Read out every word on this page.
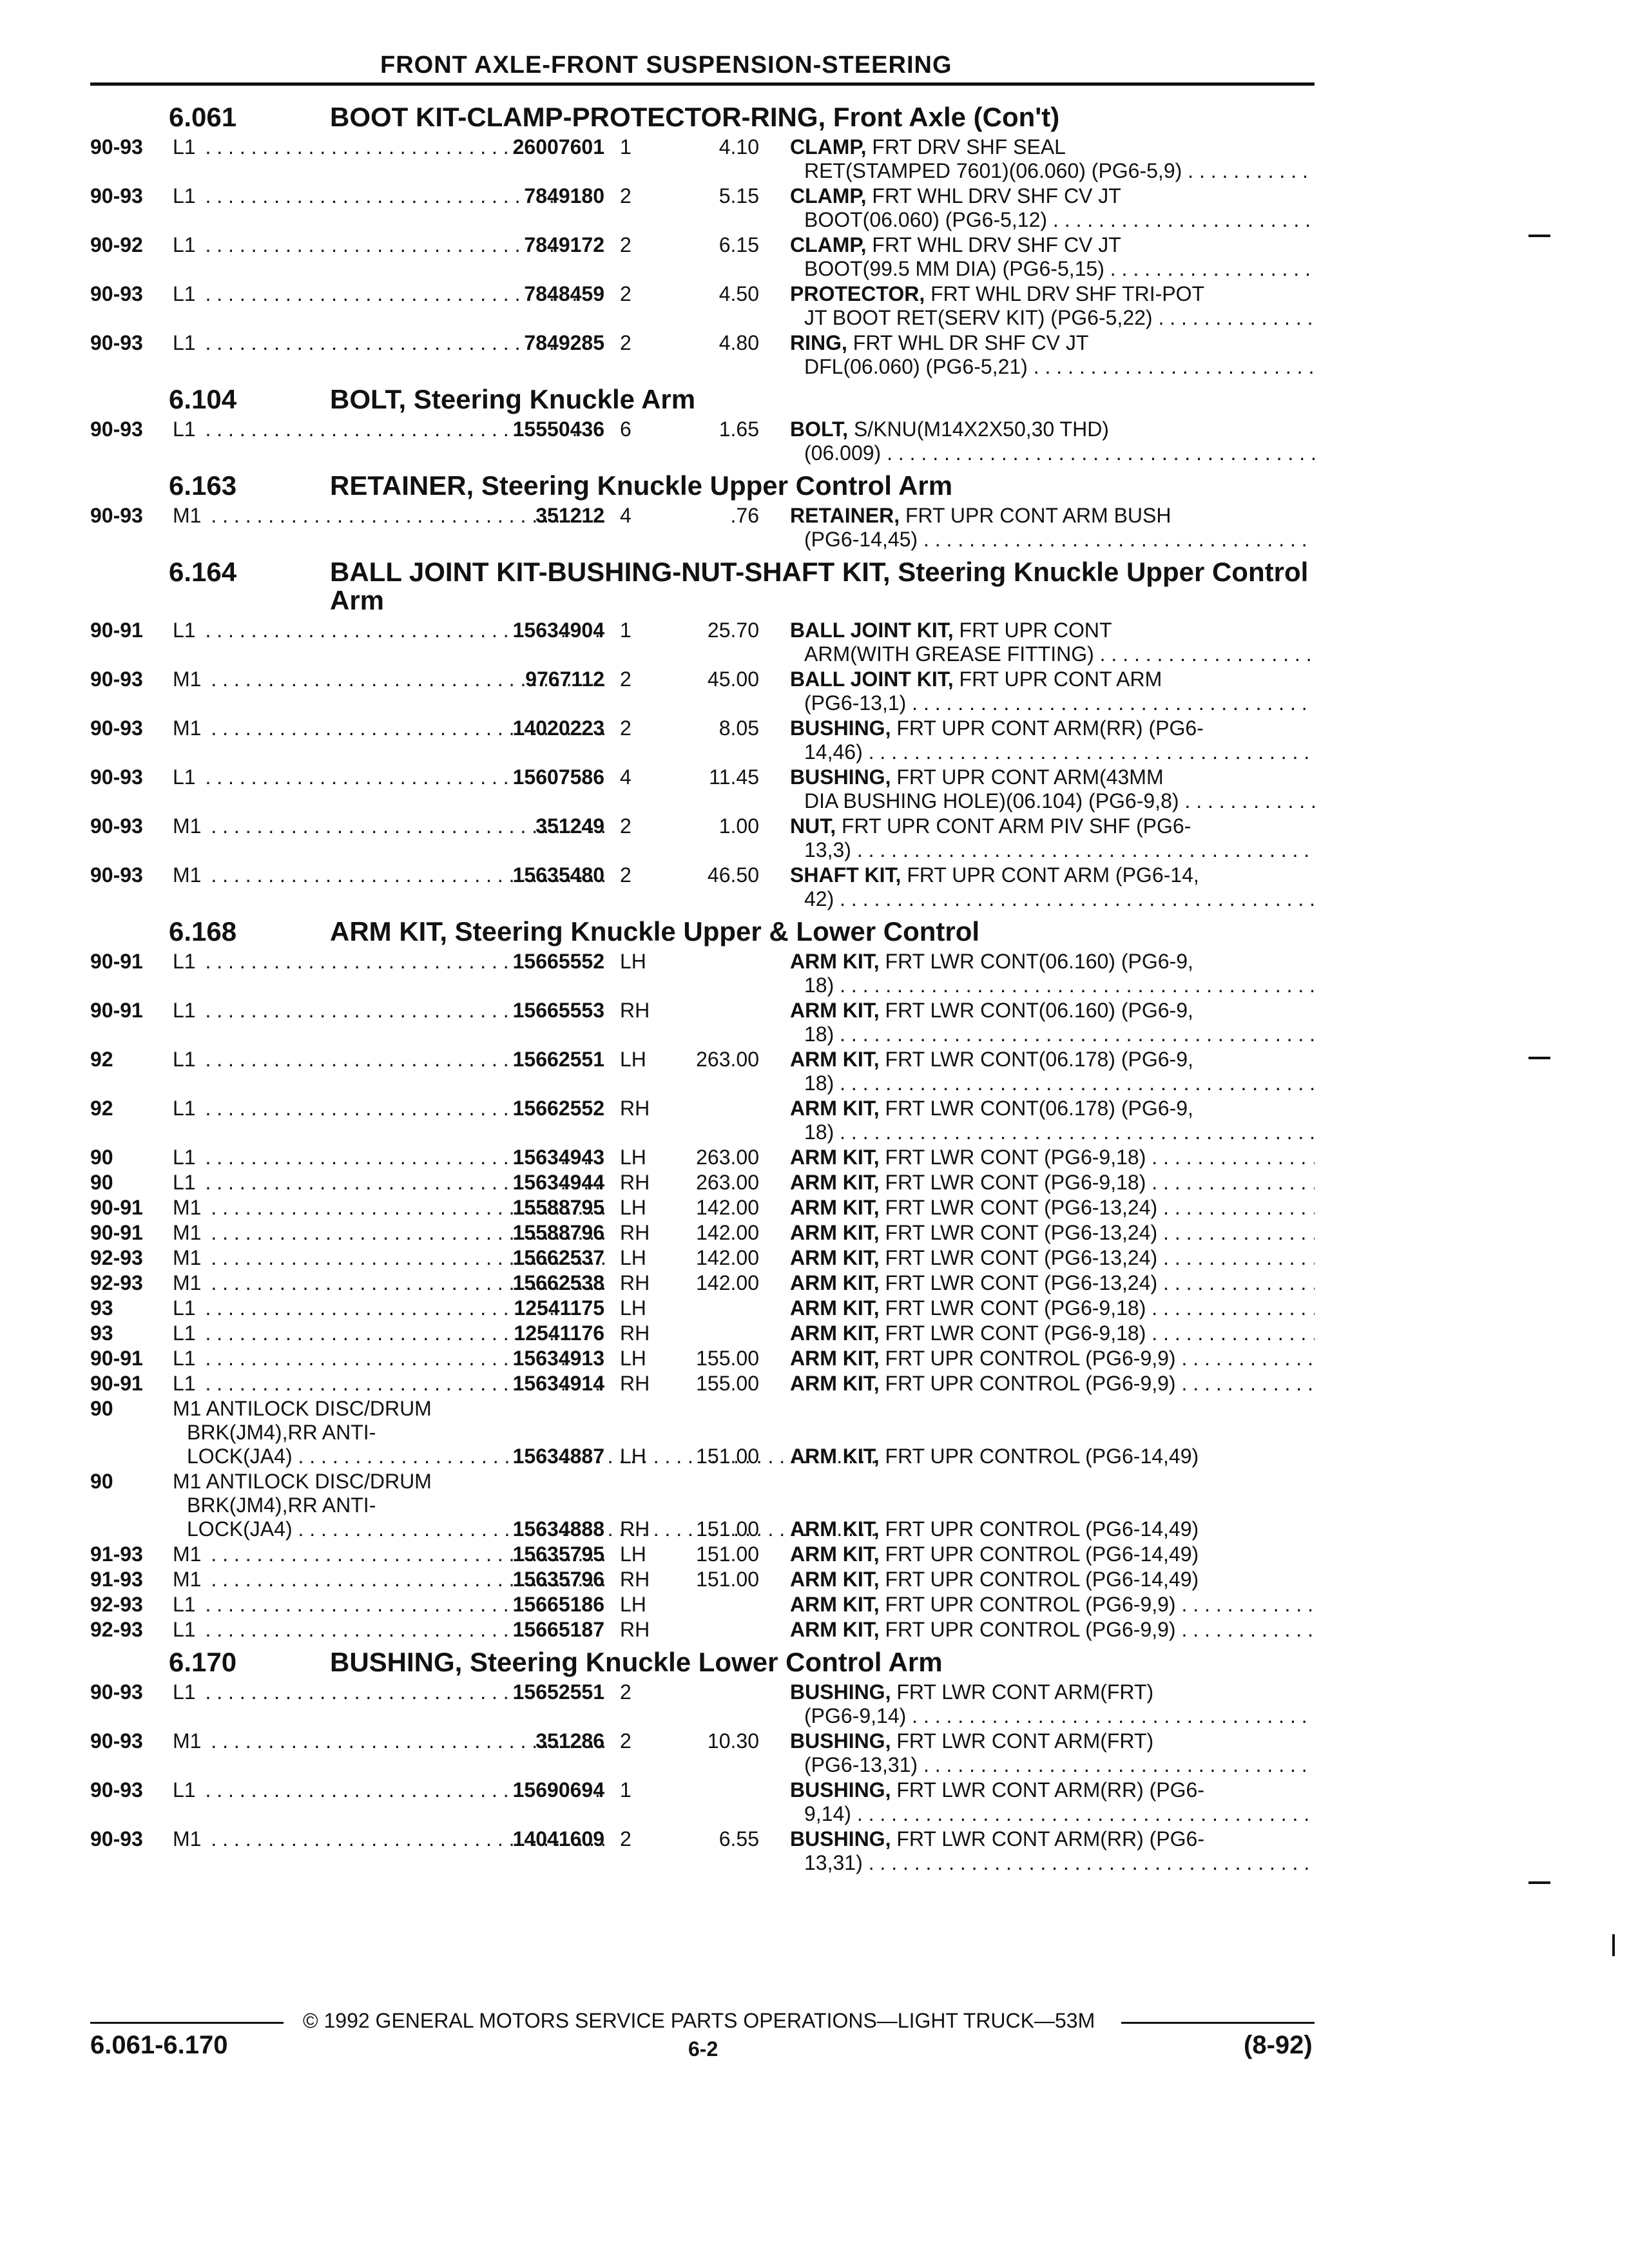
FRONT AXLE-FRONT SUSPENSION-STEERING
6.061	BOOT KIT-CLAMP-PROTECTOR-RING, Front Axle (Con't)
90-93	L1 . . .	26007601 1	4.10 CLAMP, FRT DRV SHF SEAL
RET(STAMPED 7601)(06.060) (PG6-5,9) . . .
90-93	L1 . . .	7849180 2	5.15 CLAMP, FRT WHL DRV SHF CV JT
BOOT(06.060) (PG6-5,12) . . .
90-92	L1 . . .	7849172 2	6.15 CLAMP, FRT WHL DRV SHF CV JT
BOOT(99.5 MM DIA) (PG6-5,15) . . .
90-93	L1 . . .	7848459 2	4.50 PROTECTOR, FRT WHL DRV SHF TRI-POT
JT BOOT RET(SERV KIT) (PG6-5,22) . . .
90-93	L1 . . .	7849285 2	4.80 RING, FRT WHL DR SHF CV JT
DFL(06.060) (PG6-5,21) . . .
6.104	BOLT, Steering Knuckle Arm
90-93	L1 . . .	15550436 6	1.65 BOLT, S/KNU(M14X2X50,30 THD)
(06.009) . . .
6.163	RETAINER, Steering Knuckle Upper Control Arm
90-93	M1 . . .	351212 4	.76 RETAINER, FRT UPR CONT ARM BUSH
(PG6-14,45) . . .
6.164	BALL JOINT KIT-BUSHING-NUT-SHAFT KIT, Steering Knuckle Upper Control Arm
90-91	L1 . . .	15634904 1	25.70 BALL JOINT KIT, FRT UPR CONT
ARM(WITH GREASE FITTING) . . .
90-93	M1 . . .	9767112 2	45.00 BALL JOINT KIT, FRT UPR CONT ARM
(PG6-13,1) . . .
90-93	M1 . . .	14020223 2	8.05 BUSHING, FRT UPR CONT ARM(RR) (PG6-
14,46) . . .
90-93	L1 . . .	15607586 4	11.45 BUSHING, FRT UPR CONT ARM(43MM
DIA BUSHING HOLE)(06.104) (PG6-9,8) . . .
90-93	M1 . . .	351249 2	1.00 NUT, FRT UPR CONT ARM PIV SHF (PG6-
13,3) . . .
90-93	M1 . . .	15635480 2	46.50 SHAFT KIT, FRT UPR CONT ARM (PG6-14,
42) . . .
6.168	ARM KIT, Steering Knuckle Upper & Lower Control
90-91	L1 . . .	15665552 LH	ARM KIT, FRT LWR CONT(06.160) (PG6-9,
18) . . .
90-91	L1 . . .	15665553 RH	ARM KIT, FRT LWR CONT(06.160) (PG6-9,
18) . . .
92	L1 . . .	15662551 LH	263.00 ARM KIT, FRT LWR CONT(06.178) (PG6-9,
18) . . .
92	L1 . . .	15662552 RH	ARM KIT, FRT LWR CONT(06.178) (PG6-9,
18) . . .
90	L1 . . .	15634943 LH	263.00 ARM KIT, FRT LWR CONT (PG6-9,18) . . .
90	L1 . . .	15634944 RH	263.00 ARM KIT, FRT LWR CONT (PG6-9,18) . . .
90-91	M1 . . .	15588795 LH	142.00 ARM KIT, FRT LWR CONT (PG6-13,24) . . .
90-91	M1 . . .	15588796 RH	142.00 ARM KIT, FRT LWR CONT (PG6-13,24) . . .
92-93	M1 . . .	15662537 LH	142.00 ARM KIT, FRT LWR CONT (PG6-13,24) . . .
92-93	M1 . . .	15662538 RH	142.00 ARM KIT, FRT LWR CONT (PG6-13,24) . . .
93	L1 . . .	12541175 LH	ARM KIT, FRT LWR CONT (PG6-9,18) . . .
93	L1 . . .	12541176 RH	ARM KIT, FRT LWR CONT (PG6-9,18) . . .
90-91	L1 . . .	15634913 LH	155.00 ARM KIT, FRT UPR CONTROL (PG6-9,9) . . .
90-91	L1 . . .	15634914 RH	155.00 ARM KIT, FRT UPR CONTROL (PG6-9,9) . . .
90	M1 ANTILOCK DISC/DRUM
BRK(JM4),RR ANTI-
LOCK(JA4) . . .	15634887 LH	151.00 ARM KIT, FRT UPR CONTROL (PG6-14,49)
90	M1 ANTILOCK DISC/DRUM
BRK(JM4),RR ANTI-
LOCK(JA4) . . .	15634888 RH	151.00 ARM KIT, FRT UPR CONTROL (PG6-14,49)
91-93	M1 . . .	15635795 LH	151.00 ARM KIT, FRT UPR CONTROL (PG6-14,49)
91-93	M1 . . .	15635796 RH	151.00 ARM KIT, FRT UPR CONTROL (PG6-14,49)
92-93	L1 . . .	15665186 LH	ARM KIT, FRT UPR CONTROL (PG6-9,9) . . .
92-93	L1 . . .	15665187 RH	ARM KIT, FRT UPR CONTROL (PG6-9,9) . . .
6.170	BUSHING, Steering Knuckle Lower Control Arm
90-93	L1 . . .	15652551 2	BUSHING, FRT LWR CONT ARM(FRT)
(PG6-9,14) . . .
90-93	M1 . . .	351286 2	10.30 BUSHING, FRT LWR CONT ARM(FRT)
(PG6-13,31) . . .
90-93	L1 . . .	15690694 1	BUSHING, FRT LWR CONT ARM(RR) (PG6-
9,14) . . .
90-93	M1 . . .	14041609 2	6.55 BUSHING, FRT LWR CONT ARM(RR) (PG6-
13,31) . . .
© 1992 GENERAL MOTORS SERVICE PARTS OPERATIONS—LIGHT TRUCK—53M
6.061-6.170	6-2	(8-92)
